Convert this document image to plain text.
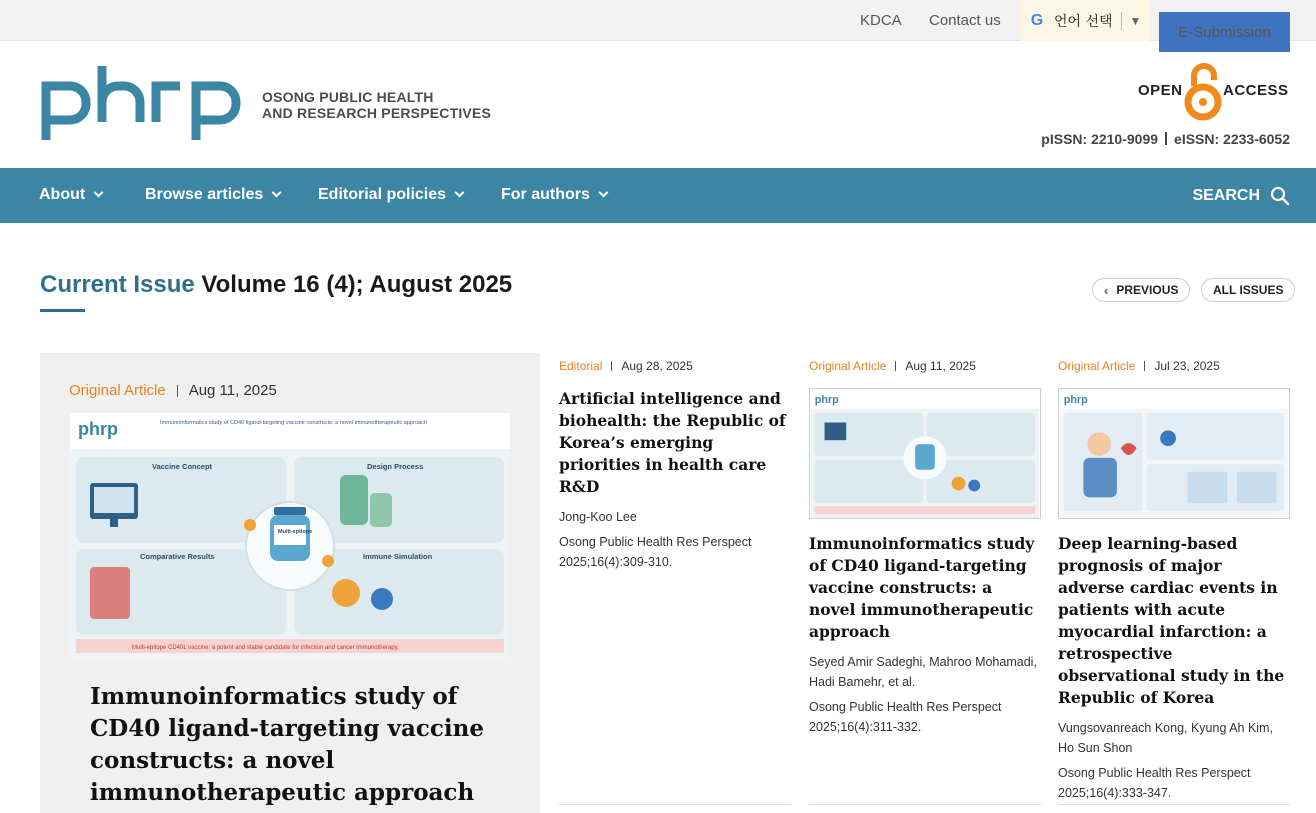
KDCA Contact us G 언어 선택 ▼
E-Submission
OSONG PUBLIC HEALTH
AND RESEARCH PERSPECTIVES
OPEN	ACCESS
pISSN: 2210-9099 eISSN: 2233-6052
About	Browse articles	Editorial policies	For authors	SEARCH
Current Issue Volume 16 (4); August 2025	‹ PREVIOUS	ALL ISSUES
Original Article Aug 11, 2025
phrp	Immunoinformatics study of CD40 ligand-targeting vaccine constructs: a novel immunotherapeutic approach
Vaccine Concept	Design Process
Comparative Results	Immune Simulation
Multi-epitope
Multi-epitope CD40L vaccine: a potent and stable candidate for infection and cancer immunotherapy.
Immunoinformatics study of CD40 ligand-targeting vaccine constructs: a novel immunotherapeutic approach
Editorial Aug 28, 2025
Artificial intelligence and biohealth: the Republic of Korea’s emerging priorities in health care R&D
Jong-Koo Lee
Osong Public Health Res Perspect 2025;16(4):309-310.
Original Article Aug 11, 2025
phrp
Immunoinformatics study of CD40 ligand-targeting vaccine constructs: a novel immunotherapeutic approach
Seyed Amir Sadeghi, Mahroo Mohamadi, Hadi Bamehr, et al.
Osong Public Health Res Perspect 2025;16(4):311-332.
Original Article Jul 23, 2025
phrp
Deep learning-based prognosis of major adverse cardiac events in patients with acute myocardial infarction: a retrospective observational study in the Republic of Korea
Vungsovanreach Kong, Kyung Ah Kim, Ho Sun Shon
Osong Public Health Res Perspect 2025;16(4):333-347.
